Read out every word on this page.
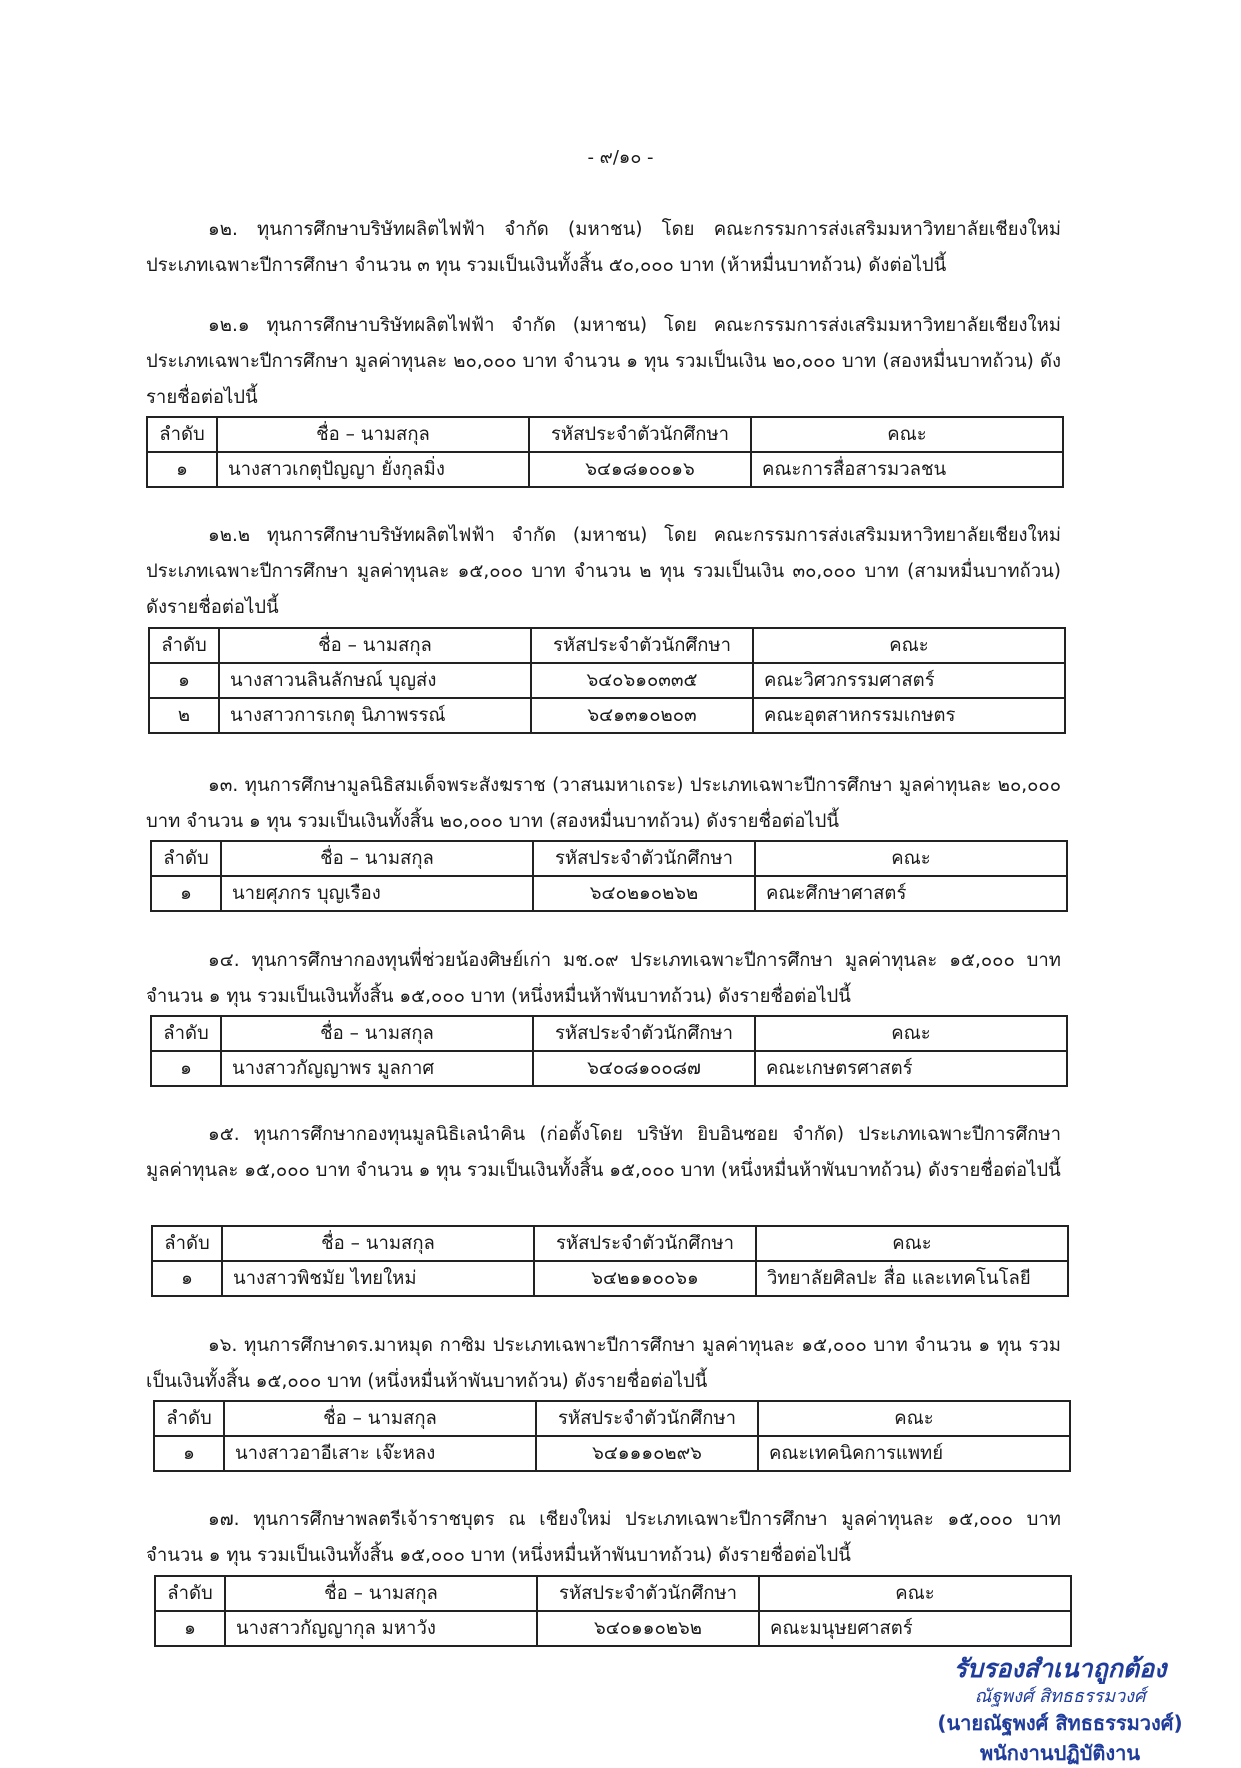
- ๙/๑๐ -

๑๒. ทุนการศึกษาบริษัทผลิตไฟฟ้า จำกัด (มหาชน) โดย คณะกรรมการส่งเสริมมหาวิทยาลัยเชียงใหม่ ประเภทเฉพาะปีการศึกษา จำนวน ๓ ทุน รวมเป็นเงินทั้งสิ้น ๕๐,๐๐๐ บาท (ห้าหมื่นบาทถ้วน) ดังต่อไปนี้

๑๒.๑ ทุนการศึกษาบริษัทผลิตไฟฟ้า จำกัด (มหาชน) โดย คณะกรรมการส่งเสริมมหาวิทยาลัยเชียงใหม่ ประเภทเฉพาะปีการศึกษา มูลค่าทุนละ ๒๐,๐๐๐ บาท จำนวน ๑ ทุน รวมเป็นเงิน ๒๐,๐๐๐ บาท (สองหมื่นบาทถ้วน) ดังรายชื่อต่อไปนี้

ลำดับ	ชื่อ – นามสกุล	รหัสประจำตัวนักศึกษา	คณะ
๑	นางสาวเกตุปัญญา ยั่งกุลมิ่ง	๖๔๑๘๑๐๐๑๖	คณะการสื่อสารมวลชน

๑๒.๒ ทุนการศึกษาบริษัทผลิตไฟฟ้า จำกัด (มหาชน) โดย คณะกรรมการส่งเสริมมหาวิทยาลัยเชียงใหม่ ประเภทเฉพาะปีการศึกษา มูลค่าทุนละ ๑๕,๐๐๐ บาท จำนวน ๒ ทุน รวมเป็นเงิน ๓๐,๐๐๐ บาท (สามหมื่นบาทถ้วน) ดังรายชื่อต่อไปนี้

ลำดับ	ชื่อ – นามสกุล	รหัสประจำตัวนักศึกษา	คณะ
๑	นางสาวนลินลักษณ์ บุญส่ง	๖๔๐๖๑๐๓๓๕	คณะวิศวกรรมศาสตร์
๒	นางสาวการเกตุ นิภาพรรณ์	๖๔๑๓๑๐๒๐๓	คณะอุตสาหกรรมเกษตร

๑๓. ทุนการศึกษามูลนิธิสมเด็จพระสังฆราช (วาสนมหาเถระ) ประเภทเฉพาะปีการศึกษา มูลค่าทุนละ ๒๐,๐๐๐ บาท จำนวน ๑ ทุน รวมเป็นเงินทั้งสิ้น ๒๐,๐๐๐ บาท (สองหมื่นบาทถ้วน) ดังรายชื่อต่อไปนี้

ลำดับ	ชื่อ – นามสกุล	รหัสประจำตัวนักศึกษา	คณะ
๑	นายศุภกร บุญเรือง	๖๔๐๒๑๐๒๖๒	คณะศึกษาศาสตร์

๑๔. ทุนการศึกษากองทุนพี่ช่วยน้องศิษย์เก่า มช.๐๙ ประเภทเฉพาะปีการศึกษา มูลค่าทุนละ ๑๕,๐๐๐ บาท จำนวน ๑ ทุน รวมเป็นเงินทั้งสิ้น ๑๕,๐๐๐ บาท (หนึ่งหมื่นห้าพันบาทถ้วน) ดังรายชื่อต่อไปนี้

ลำดับ	ชื่อ – นามสกุล	รหัสประจำตัวนักศึกษา	คณะ
๑	นางสาวกัญญาพร มูลกาศ	๖๔๐๘๑๐๐๘๗	คณะเกษตรศาสตร์

๑๕. ทุนการศึกษากองทุนมูลนิธิเลนำคิน (ก่อตั้งโดย บริษัท ยิบอินซอย จำกัด) ประเภทเฉพาะปีการศึกษา มูลค่าทุนละ ๑๕,๐๐๐ บาท จำนวน ๑ ทุน รวมเป็นเงินทั้งสิ้น ๑๕,๐๐๐ บาท (หนึ่งหมื่นห้าพันบาทถ้วน) ดังรายชื่อต่อไปนี้

ลำดับ	ชื่อ – นามสกุล	รหัสประจำตัวนักศึกษา	คณะ
๑	นางสาวพิชมัย ไทยใหม่	๖๔๒๑๑๐๐๖๑	วิทยาลัยศิลปะ สื่อ และเทคโนโลยี

๑๖. ทุนการศึกษาดร.มาหมุด กาซิม ประเภทเฉพาะปีการศึกษา มูลค่าทุนละ ๑๕,๐๐๐ บาท จำนวน ๑ ทุน รวมเป็นเงินทั้งสิ้น ๑๕,๐๐๐ บาท (หนึ่งหมื่นห้าพันบาทถ้วน) ดังรายชื่อต่อไปนี้

ลำดับ	ชื่อ – นามสกุล	รหัสประจำตัวนักศึกษา	คณะ
๑	นางสาวอาอีเสาะ เจ๊ะหลง	๖๔๑๑๑๐๒๙๖	คณะเทคนิคการแพทย์

๑๗. ทุนการศึกษาพลตรีเจ้าราชบุตร ณ เชียงใหม่ ประเภทเฉพาะปีการศึกษา มูลค่าทุนละ ๑๕,๐๐๐ บาท จำนวน ๑ ทุน รวมเป็นเงินทั้งสิ้น ๑๕,๐๐๐ บาท (หนึ่งหมื่นห้าพันบาทถ้วน) ดังรายชื่อต่อไปนี้

ลำดับ	ชื่อ – นามสกุล	รหัสประจำตัวนักศึกษา	คณะ
๑	นางสาวกัญญากุล มหาวัง	๖๔๐๑๑๐๒๖๒	คณะมนุษยศาสตร์
รับรองสำเนาถูกต้อง
ณัฐพงศ์ สิทธธรรมวงศ์
(นายณัฐพงศ์ สิทธธรรมวงศ์)
พนักงานปฏิบัติงาน
